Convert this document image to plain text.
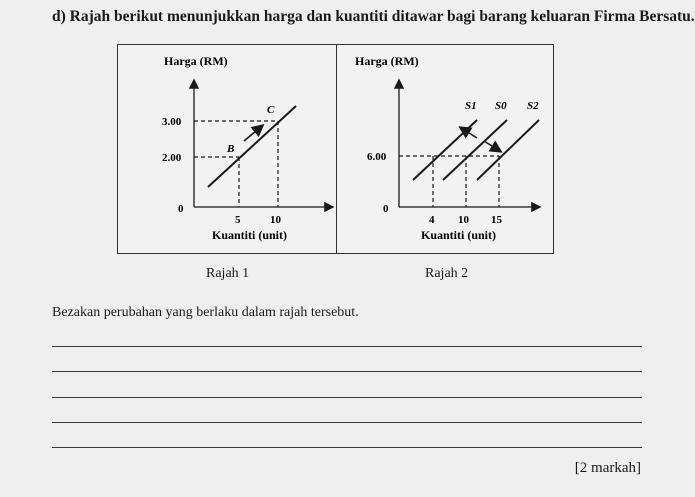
d) Rajah berikut menunjukkan harga dan kuantiti ditawar bagi barang keluaran Firma Bersatu.
Harga (RM)
3.00
2.00
0
5	10
B
C
Kuantiti (unit)
Harga (RM)
6.00
0
4 10 15
S1 S0 S2
Kuantiti (unit)
Rajah 1	Rajah 2
Bezakan perubahan yang berlaku dalam rajah tersebut.
[2 markah]
